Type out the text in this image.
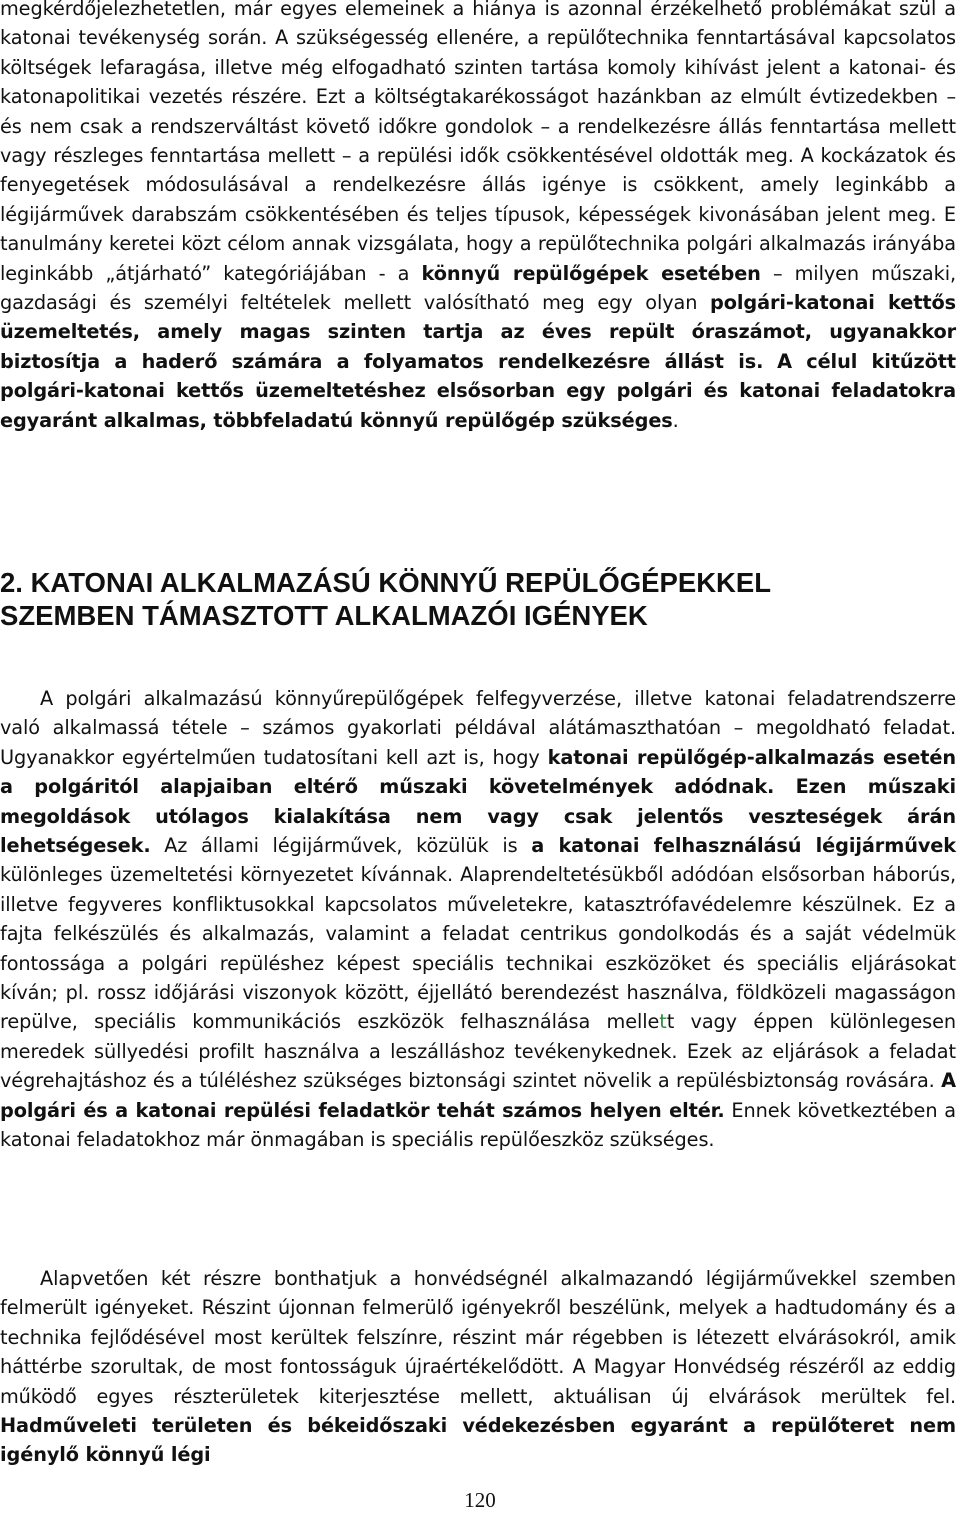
megkérdőjelezhetetlen, már egyes elemeinek a hiánya is azonnal érzékelhető problémákat szül a katonai tevékenység során. A szükségesség ellenére, a repülőtechnika fenntartásával kapcsolatos költségek lefaragása, illetve még elfogadható szinten tartása komoly kihívást jelent a katonai- és katonapolitikai vezetés részére. Ezt a költségtakarékosságot hazánkban az elmúlt évtizedekben – és nem csak a rendszerváltást követő időkre gondolok – a rendelkezésre állás fenntartása mellett vagy részleges fenntartása mellett – a repülési idők csökkentésével oldották meg. A kockázatok és fenyegetések módosulásával a rendelkezésre állás igénye is csökkent, amely leginkább a légijárművek darabszám csökkentésében és teljes típusok, képességek kivonásában jelent meg. E tanulmány keretei közt célom annak vizsgálata, hogy a repülőtechnika polgári alkalmazás irányába leginkább „átjárható” kategóriájában - a könnyű repülőgépek esetében – milyen műszaki, gazdasági és személyi feltételek mellett valósítható meg egy olyan polgári-katonai kettős üzemeltetés, amely magas szinten tartja az éves repült óraszámot, ugyanakkor biztosítja a haderő számára a folyamatos rendelkezésre állást is. A célul kitűzött polgári-katonai kettős üzemeltetéshez elsősorban egy polgári és katonai feladatokra egyaránt alkalmas, többfeladatú könnyű repülőgép szükséges.

2. KATONAI ALKALMAZÁSÚ KÖNNYŰ REPÜLŐGÉPEKKEL
SZEMBEN TÁMASZTOTT ALKALMAZÓI IGÉNYEK

A polgári alkalmazású könnyűrepülőgépek felfegyverzése, illetve katonai feladatrendszerre való alkalmassá tétele – számos gyakorlati példával alátámaszthatóan – megoldható feladat. Ugyanakkor egyértelműen tudatosítani kell azt is, hogy katonai repülőgép-alkalmazás esetén a polgáritól alapjaiban eltérő műszaki követelmények adódnak. Ezen műszaki megoldások utólagos kialakítása nem vagy csak jelentős veszteségek árán lehetségesek. Az állami légijárművek, közülük is a katonai felhasználású légijárművek különleges üzemeltetési környezetet kívánnak. Alaprendeltetésükből adódóan elsősorban háborús, illetve fegyveres konfliktusokkal kapcsolatos műveletekre, katasztrófavédelemre készülnek. Ez a fajta felkészülés és alkalmazás, valamint a feladat centrikus gondolkodás és a saját védelmük fontossága a polgári repüléshez képest speciális technikai eszközöket és speciális eljárásokat kíván; pl. rossz időjárási viszonyok között, éjjellátó berendezést használva, földközeli magasságon repülve, speciális kommunikációs eszközök felhasználása mellett vagy éppen különlegesen meredek süllyedési profilt használva a leszálláshoz tevékenykednek. Ezek az eljárások a feladat végrehajtáshoz és a túléléshez szükséges biztonsági szintet növelik a repülésbiztonság rovására. A polgári és a katonai repülési feladatkör tehát számos helyen eltér. Ennek következtében a katonai feladatokhoz már önmagában is speciális repülőeszköz szükséges.

Alapvetően két részre bonthatjuk a honvédségnél alkalmazandó légijárművekkel szemben felmerült igényeket. Részint újonnan felmerülő igényekről beszélünk, melyek a hadtudomány és a technika fejlődésével most kerültek felszínre, részint már régebben is létezett elvárásokról, amik háttérbe szorultak, de most fontosságuk újraértékelődött. A Magyar Honvédség részéről az eddig működő egyes részterületek kiterjesztése mellett, aktuálisan új elvárások merültek fel. Hadműveleti területen és békeidőszaki védekezésben egyaránt a repülőteret nem igénylő könnyű légi

120
